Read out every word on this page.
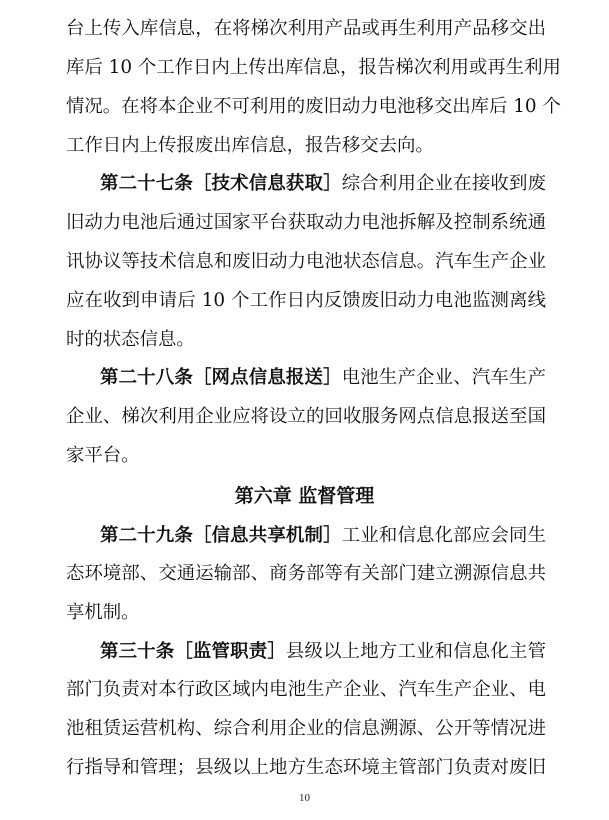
台上传入库信息，在将梯次利用产品或再生利用产品移交出
库后 10 个工作日内上传出库信息，报告梯次利用或再生利用
情况。在将本企业不可利用的废旧动力电池移交出库后 10 个
工作日内上传报废出库信息，报告移交去向。
第二十七条［技术信息获取］综合利用企业在接收到废
旧动力电池后通过国家平台获取动力电池拆解及控制系统通
讯协议等技术信息和废旧动力电池状态信息。汽车生产企业
应在收到申请后 10 个工作日内反馈废旧动力电池监测离线
时的状态信息。
第二十八条［网点信息报送］电池生产企业、汽车生产
企业、梯次利用企业应将设立的回收服务网点信息报送至国
家平台。
第六章 监督管理
第二十九条［信息共享机制］工业和信息化部应会同生
态环境部、交通运输部、商务部等有关部门建立溯源信息共
享机制。
第三十条［监管职责］县级以上地方工业和信息化主管
部门负责对本行政区域内电池生产企业、汽车生产企业、电
池租赁运营机构、综合利用企业的信息溯源、公开等情况进
行指导和管理；县级以上地方生态环境主管部门负责对废旧
10
